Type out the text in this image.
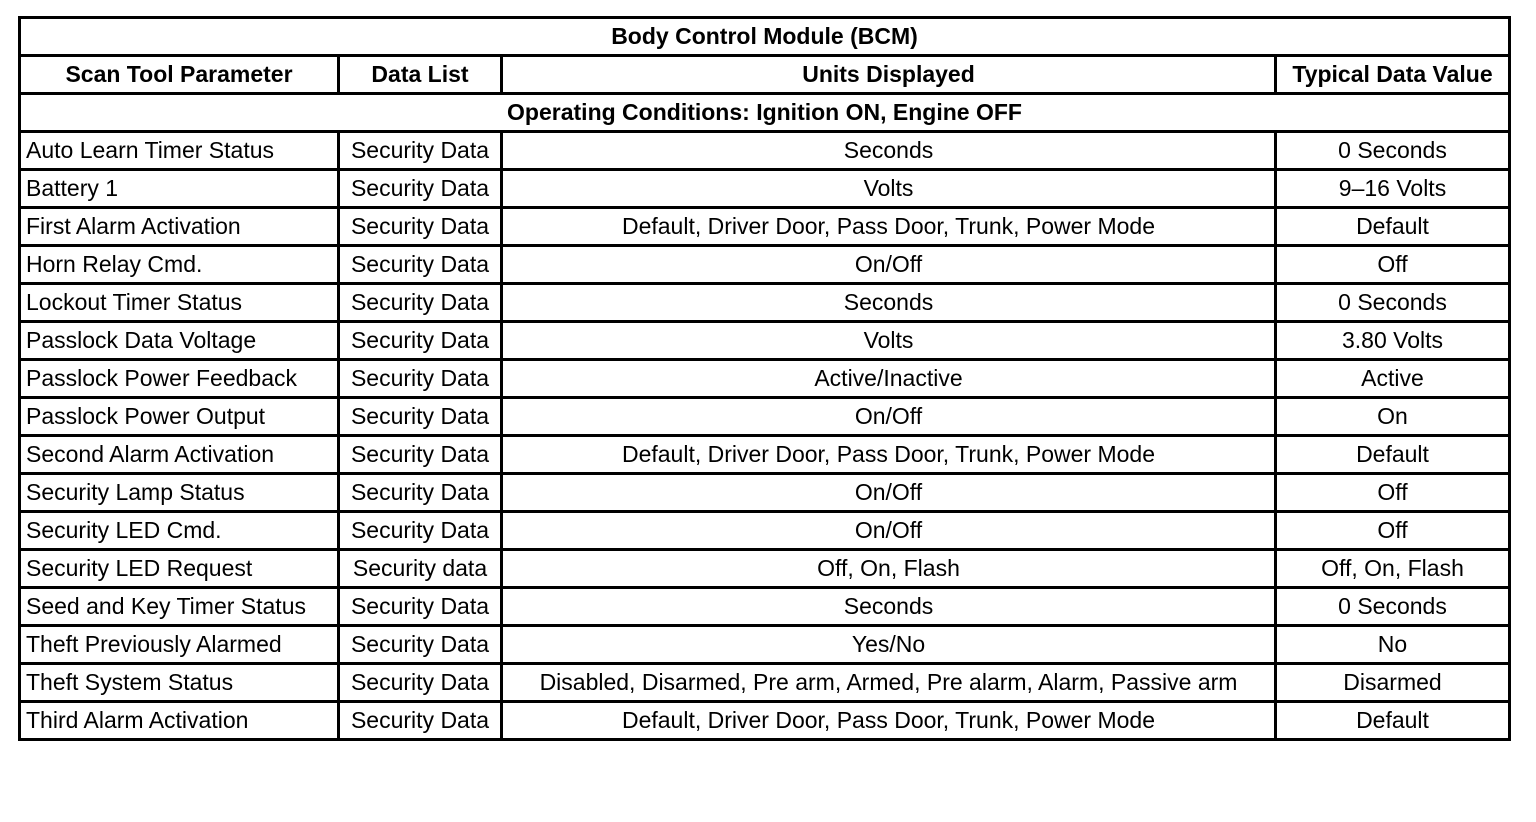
Body Control Module (BCM)			
Scan Tool Parameter	Data List	Units Displayed	Typical Data Value
Operating Conditions: Ignition ON, Engine OFF			
Auto Learn Timer Status	Security Data	Seconds	0 Seconds
Battery 1	Security Data	Volts	9–16 Volts
First Alarm Activation	Security Data	Default, Driver Door, Pass Door, Trunk, Power Mode	Default
Horn Relay Cmd.	Security Data	On/Off	Off
Lockout Timer Status	Security Data	Seconds	0 Seconds
Passlock Data Voltage	Security Data	Volts	3.80 Volts
Passlock Power Feedback	Security Data	Active/Inactive	Active
Passlock Power Output	Security Data	On/Off	On
Second Alarm Activation	Security Data	Default, Driver Door, Pass Door, Trunk, Power Mode	Default
Security Lamp Status	Security Data	On/Off	Off
Security LED Cmd.	Security Data	On/Off	Off
Security LED Request	Security data	Off, On, Flash	Off, On, Flash
Seed and Key Timer Status	Security Data	Seconds	0 Seconds
Theft Previously Alarmed	Security Data	Yes/No	No
Theft System Status	Security Data	Disabled, Disarmed, Pre arm, Armed, Pre alarm, Alarm, Passive arm	Disarmed
Third Alarm Activation	Security Data	Default, Driver Door, Pass Door, Trunk, Power Mode	Default
